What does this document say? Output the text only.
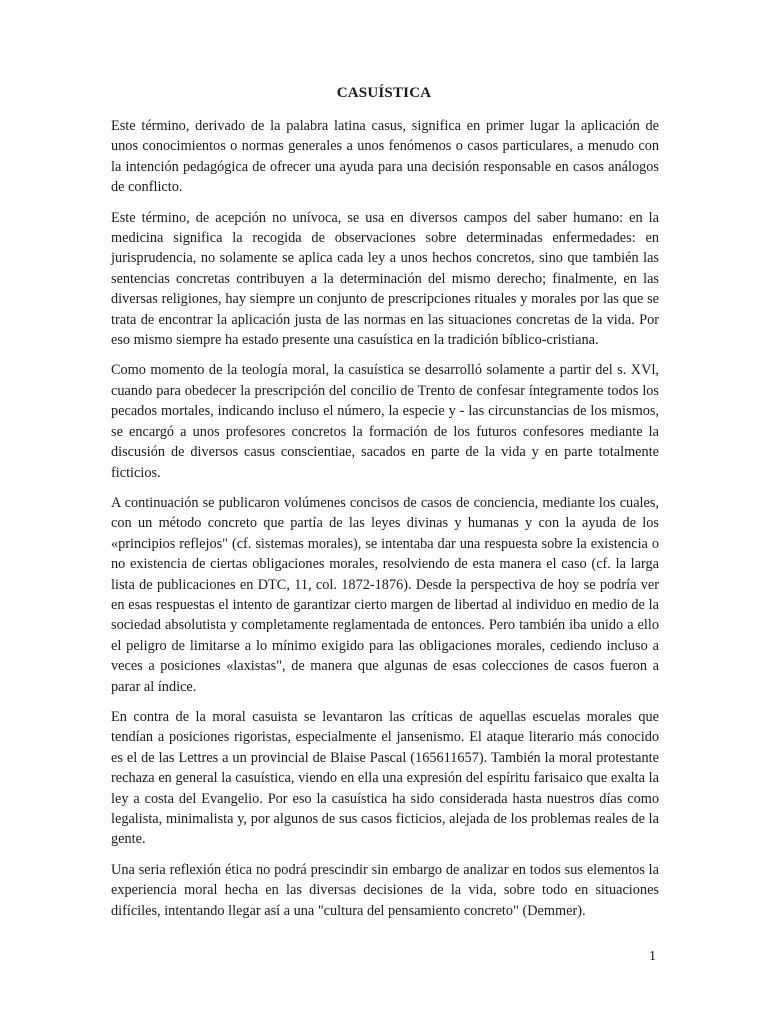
CASUÍSTICA

Este término, derivado de la palabra latina casus, significa en primer lugar la aplicación de unos conocimientos o normas generales a unos fenómenos o casos particulares, a menudo con la intención pedagógica de ofrecer una ayuda para una decisión responsable en casos análogos de conflicto.

Este término, de acepción no unívoca, se usa en diversos campos del saber humano: en la medicina significa la recogida de observaciones sobre determinadas enfermedades: en jurisprudencia, no solamente se aplica cada ley a unos hechos concretos, sino que también las sentencias concretas contribuyen a la determinación del mismo derecho; finalmente, en las diversas religiones, hay siempre un conjunto de prescripciones rituales y morales por las que se trata de encontrar la aplicación justa de las normas en las situaciones concretas de la vida. Por eso mismo siempre ha estado presente una casuística en la tradición bíblico-cristiana.

Como momento de la teología moral, la casuística se desarrolló solamente a partir del s. XVl, cuando para obedecer la prescripción del concilio de Trento de confesar íntegramente todos los pecados mortales, indicando incluso el número, la especie y - las circunstancias de los mismos, se encargó a unos profesores concretos la formación de los futuros confesores mediante la discusión de diversos casus conscientiae, sacados en parte de la vida y en parte totalmente ficticios.

A continuación se publicaron volúmenes concisos de casos de conciencia, mediante los cuales, con un método concreto que partía de las leyes divinas y humanas y con la ayuda de los «principios reflejos" (cf. sistemas morales), se intentaba dar una respuesta sobre la existencia o no existencia de ciertas obligaciones morales, resolviendo de esta manera el caso (cf. la larga lista de publicaciones en DTC, 11, col. 1872-1876). Desde la perspectiva de hoy se podría ver en esas respuestas el intento de garantizar cierto margen de libertad al individuo en medio de la sociedad absolutista y completamente reglamentada de entonces. Pero también iba unido a ello el peligro de limitarse a lo mínimo exigido para las obligaciones morales, cediendo incluso a veces a posiciones «laxistas", de manera que algunas de esas colecciones de casos fueron a parar al índice.

En contra de la moral casuista se levantaron las críticas de aquellas escuelas morales que tendían a posiciones rigoristas, especialmente el jansenismo. El ataque literario más conocido es el de las Lettres a un provincial de Blaise Pascal (165611657). También la moral protestante rechaza en general la casuística, viendo en ella una expresión del espíritu farisaico que exalta la ley a costa del Evangelio. Por eso la casuística ha sido considerada hasta nuestros días como legalista, minimalista y, por algunos de sus casos ficticios, alejada de los problemas reales de la gente.

Una seria reflexión ética no podrá prescindir sin embargo de analizar en todos sus elementos la experiencia moral hecha en las diversas decisiones de la vida, sobre todo en situaciones difíciles, intentando llegar así a una "cultura del pensamiento concreto" (Demmer).

1
